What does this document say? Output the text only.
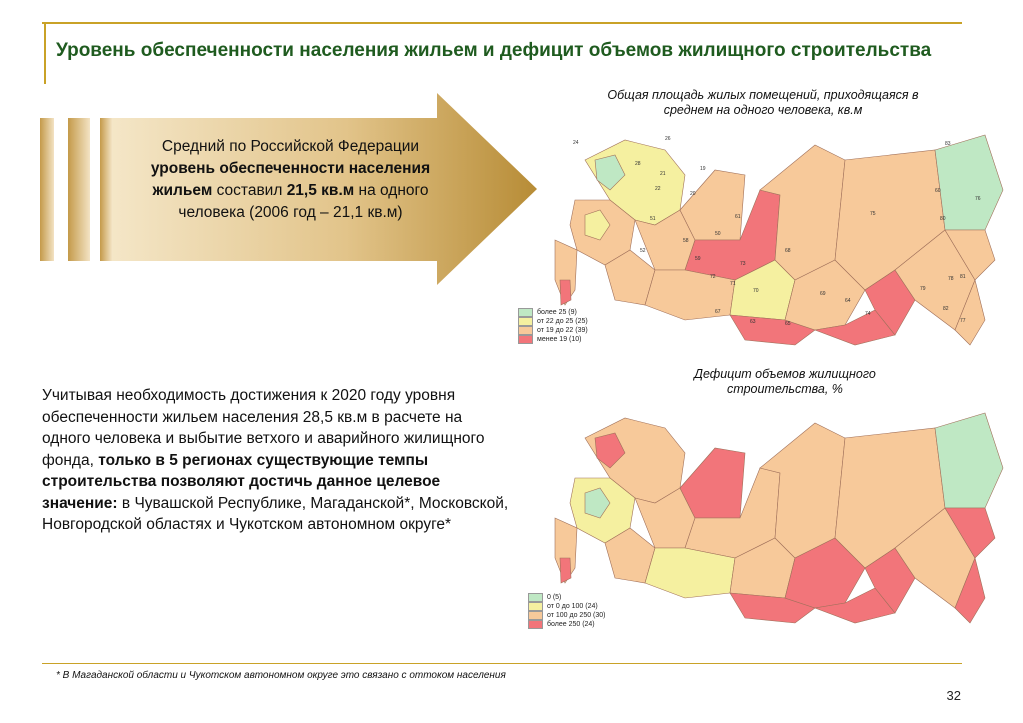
Уровень обеспеченности населения жильем и дефицит объемов жилищного строительства
Средний по Российской Федерации уровень обеспеченности населения жильем составил 21,5 кв.м на одного человека (2006 год – 21,1 кв.м)
Учитывая необходимость достижения к 2020 году уровня обеспеченности жильем населения 28,5 кв.м в расчете на одного человека и выбытие ветхого и аварийного жилищного фонда, только в 5 регионах существующие темпы строительства позволяют достичь данное целевое значение: в Чувашской Республике, Магаданской*, Московской, Новгородской областях и Чукотском автономном округе*
Общая площадь жилых помещений, приходящаяся в среднем на одного человека, кв.м
Дефицит объемов жилищного строительства, %
83
24
26
19
20
75
76
61
60
68
21
22
28
51
50
52
58
59
70
71
72
73
63	65
67
69
64
74
79
81
82
77
80
78
более 25 (9)
от 22 до 25 (25)
от 19 до 22 (39)
менее 19 (10)
0 (5)
от 0 до 100 (24)
от 100 до 250 (30)
более 250 (24)
* В Магаданской области и Чукотском автономном округе это связано с оттоком населения
32
